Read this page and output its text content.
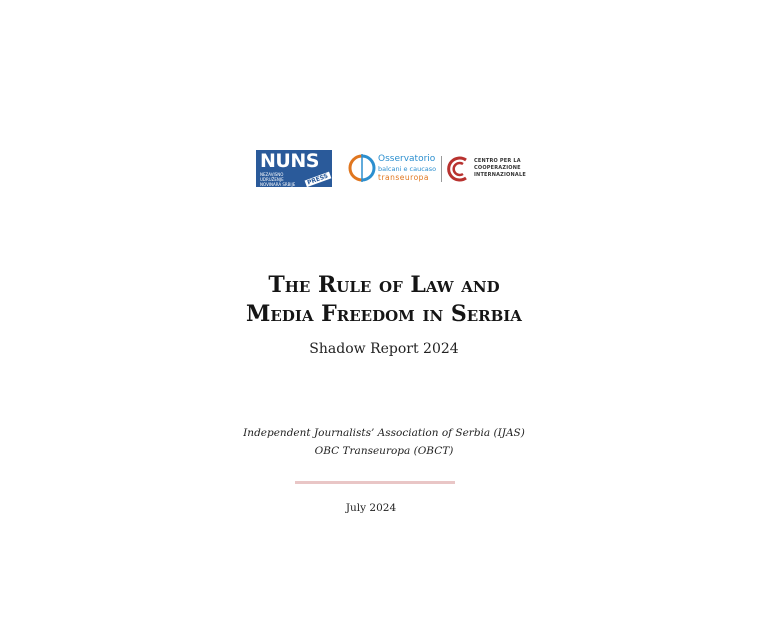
NUNS
NEZAVISNO UDRUŽENJE NOVINARA SRBIJE	PRESS
Osservatorio
balcani e caucaso
transeuropa
CENTRO PER LA
COOPERAZIONE
INTERNAZIONALE
The Rule of Law and
Media Freedom in Serbia
Shadow Report 2024
Independent Journalists’ Association of Serbia (IJAS)
OBC Transeuropa (OBCT)
July 2024
